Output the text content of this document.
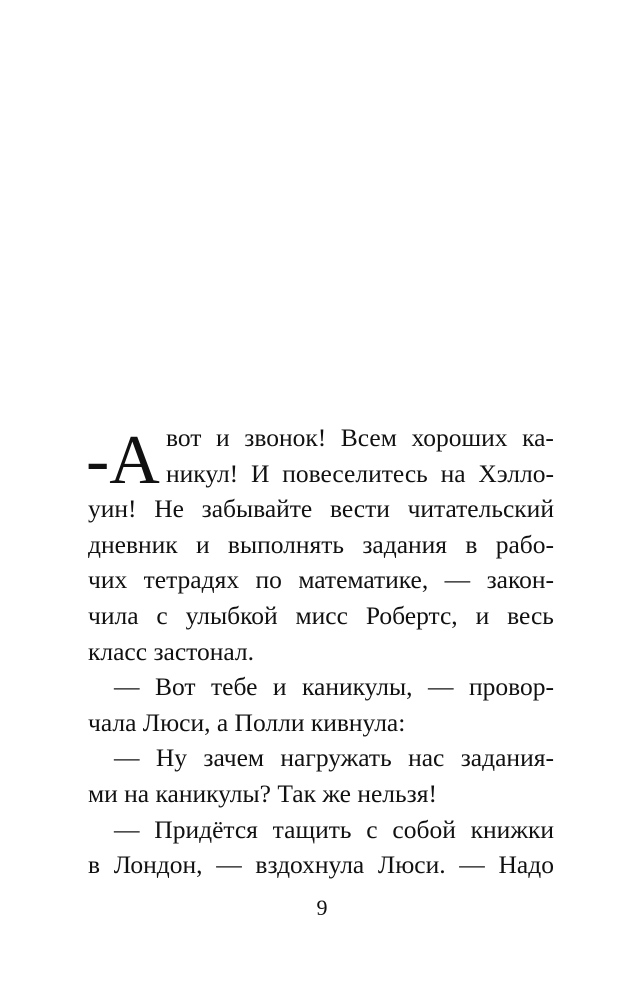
-A вот и звонок! Всем хороших ка-
никул! И повеселитесь на Хэлло-
уин! Не забывайте вести читательский
дневник и выполнять задания в рабо-
чих тетрадях по математике, — закон-
чила с улыбкой мисс Робертс, и весь
класс застонал.
— Вот тебе и каникулы, — провор-
чала Люси, а Полли кивнула:
— Ну зачем нагружать нас задания-
ми на каникулы? Так же нельзя!
— Придётся тащить с собой книжки
в Лондон, — вздохнула Люси. — Надо
9
